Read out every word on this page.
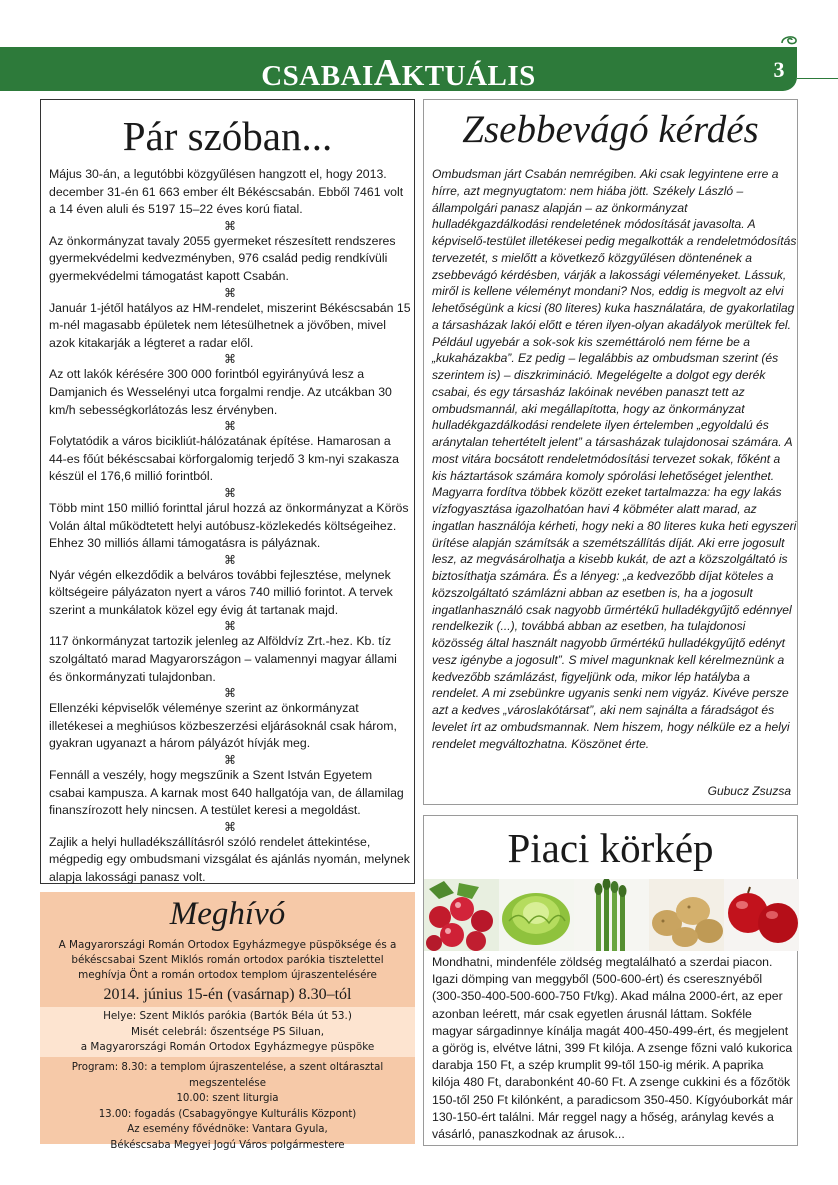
CSABAIAKTUÁLIS	3
Pár szóban...

Május 30-án, a legutóbbi közgyűlésen hangzott el, hogy 2013. december 31-én 61 663 ember élt Békéscsabán. Ebből 7461 volt a 14 éven aluli és 5197 15–22 éves korú fiatal.

⌘

Az önkormányzat tavaly 2055 gyermeket részesített rendszeres gyermekvédelmi kedvezményben, 976 család pedig rendkívüli gyermekvédelmi támogatást kapott Csabán.

⌘

Január 1-jétől hatályos az HM-rendelet, miszerint Békéscsabán 15 m-nél magasabb épületek nem létesülhetnek a jövőben, mivel azok kitakarják a légteret a radar elől.

⌘

Az ott lakók kérésére 300 000 forintból egyirányúvá lesz a Damjanich és Wesselényi utca forgalmi rendje. Az utcákban 30 km/h sebességkorlátozás lesz érvényben.

⌘

Folytatódik a város bicikliút-hálózatának építése. Hamarosan a 44-es főút békéscsabai körforgalomig terjedő 3 km-nyi szakasza készül el 176,6 millió forintból.

⌘

Több mint 150 millió forinttal járul hozzá az önkormányzat a Körös Volán által működtetett helyi autóbusz-közlekedés költségeihez. Ehhez 30 milliós állami támogatásra is pályáznak.

⌘

Nyár végén elkezdődik a belváros további fejlesztése, melynek költségeire pályázaton nyert a város 740 millió forintot. A tervek szerint a munkálatok közel egy évig át tartanak majd.

⌘

117 önkormányzat tartozik jelenleg az Alföldvíz Zrt.-hez. Kb. tíz szolgáltató marad Magyarországon – valamennyi magyar állami és önkormányzati tulajdonban.

⌘

Ellenzéki képviselők véleménye szerint az önkormányzat illetékesei a meghiúsos közbeszerzési eljárásoknál csak három, gyakran ugyanazt a három pályázót hívják meg.

⌘

Fennáll a veszély, hogy megszűnik a Szent István Egyetem csabai kampusza. A karnak most 640 hallgatója van, de államilag finanszírozott hely nincsen. A testület keresi a megoldást.

⌘

Zajlik a helyi hulladékszállításról szóló rendelet áttekintése, mégpedig egy ombudsmani vizsgálat és ajánlás nyomán, melynek alapja lakossági panasz volt.

Zsebbevágó kérdés
Ombudsman járt Csabán nemrégiben. Aki csak legyintene erre a hírre, azt megnyugtatom: nem hiába jött. Székely László – állampolgári panasz alapján – az önkormányzat hulladékgazdálkodási rendeletének módosítását javasolta. A képviselő-testület illetékesei pedig megalkották a rendeletmódosítás tervezetét, s mielőtt a következő közgyűlésen döntenének a zsebbevágó kérdésben, várják a lakossági véleményeket. Lássuk, miről is kellene véleményt mondani? Nos, eddig is megvolt az elvi lehetőségünk a kicsi (80 literes) kuka használatára, de gyakorlatilag a társasházak lakói előtt e téren ilyen-olyan akadályok merültek fel. Például ugyebár a sok-sok kis szeméttároló nem férne be a „kukaházakba”. Ez pedig – legalábbis az ombudsman szerint (és szerintem is) – diszkrimináció. Megelégelte a dolgot egy derék csabai, és egy társasház lakóinak nevében panaszt tett az ombudsmannál, aki megállapította, hogy az önkormányzat hulladékgazdálkodási rendelete ilyen értelemben „egyoldalú és aránytalan tehertételt jelent” a társasházak tulajdonosai számára. A most vitára bocsátott rendeletmódosítási tervezet sokak, főként a kis háztartások számára komoly spórolási lehetőséget jelenthet. Magyarra fordítva többek között ezeket tartalmazza: ha egy lakás vízfogyasztása igazolhatóan havi 4 köbméter alatt marad, az ingatlan használója kérheti, hogy neki a 80 literes kuka heti egyszeri ürítése alapján számítsák a szemétszállítás díját. Aki erre jogosult lesz, az megvásárolhatja a kisebb kukát, de azt a közszolgáltató is biztosíthatja számára. És a lényeg: „a kedvezőbb díjat köteles a közszolgáltató számlázni abban az esetben is, ha a jogosult ingatlanhasználó csak nagyobb űrmértékű hulladékgyűjtő edénnyel rendelkezik (...), továbbá abban az esetben, ha tulajdonosi közösség által használt nagyobb űrmértékű hulladékgyűjtő edényt vesz igénybe a jogosult”. S mivel magunknak kell kérelmeznünk a kedvezőbb számlázást, figyeljünk oda, mikor lép hatályba a rendelet. A mi zsebünkre ugyanis senki nem vigyáz. Kivéve persze azt a kedves „városlakótársat”, aki nem sajnálta a fáradságot és levelet írt az ombudsmannak. Nem hiszem, hogy nélküle ez a helyi rendelet megváltozhatna. Köszönet érte.
Gubucz Zsuzsa
Piaci körkép
Mondhatni, mindenféle zöldség megtalálható a szerdai piacon. Igazi dömping van meggyből (500-600-ért) és cseresznyéből (300-350-400-500-600-750 Ft/kg). Akad málna 2000-ért, az eper azonban leérett, már csak egyetlen árusnál láttam. Sokféle magyar sárgadinnye kínálja magát 400-450-499-ért, és megjelent a görög is, elvétve látni, 399 Ft kilója. A zsenge főzni való kukorica darabja 150 Ft, a szép krumplit 99-től 150-ig mérik. A paprika kilója 480 Ft, darabonként 40-60 Ft. A zsenge cukkini és a főzőtök 150-től 250 Ft kilónként, a paradicsom 350-450. Kígyóuborkát már 130-150-ért találni. Már reggel nagy a hőség, aránylag kevés a vásárló, panaszkodnak az árusok...
Meghívó
A Magyarországi Román Ortodox Egyházmegye püspöksége és a békéscsabai Szent Miklós román ortodox parókia tisztelettel meghívja Önt a román ortodox templom újraszentelésére
2014. június 15-én (vasárnap) 8.30–tól
Helye: Szent Miklós parókia (Bartók Béla út 53.)
Misét celebrál: őszentsége PS Siluan,
a Magyarországi Román Ortodox Egyházmegye püspöke
Program: 8.30: a templom újraszentelése, a szent oltárasztal megszentelése
10.00: szent liturgia
13.00: fogadás (Csabagyöngye Kulturális Központ)
Az esemény fővédnöke: Vantara Gyula,
Békéscsaba Megyei Jogú Város polgármestere
